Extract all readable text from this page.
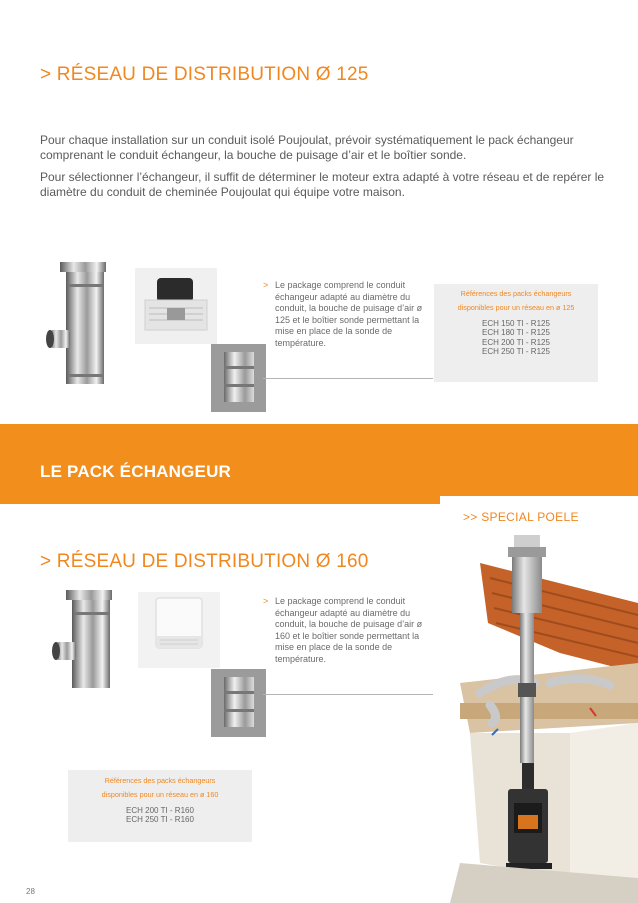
> RÉSEAU DE DISTRIBUTION Ø 125
Pour chaque installation sur un conduit isolé Poujoulat, prévoir systématiquement le pack échangeur comprenant le conduit échangeur, la bouche de puisage d’air et le boîtier sonde.
Pour sélectionner l’échangeur, il suffit de déterminer le moteur extra adapté à votre réseau et de repérer le diamètre du conduit de cheminée Poujoulat qui équipe votre maison.
> Le package comprend le conduit échangeur adapté au diamètre du conduit, la bouche de puisage d’air ø 125 et le boîtier sonde permettant la mise en place de la sonde de température.
Références des packs échangeurs
disponibles pour un réseau en ø 125
ECH 150 TI - R125
ECH 180 TI - R125
ECH 200 TI - R125
ECH 250 TI - R125
LE PACK ÉCHANGEUR
>> SPECIAL POELE
> RÉSEAU DE DISTRIBUTION Ø 160
> Le package comprend le conduit échangeur adapté au diamètre du conduit, la bouche de puisage d’air ø 160 et le boîtier sonde permettant la mise en place de la sonde de température.
Références des packs échangeurs
disponibles pour un réseau en ø 160
ECH 200 TI - R160
ECH 250 TI - R160
28
